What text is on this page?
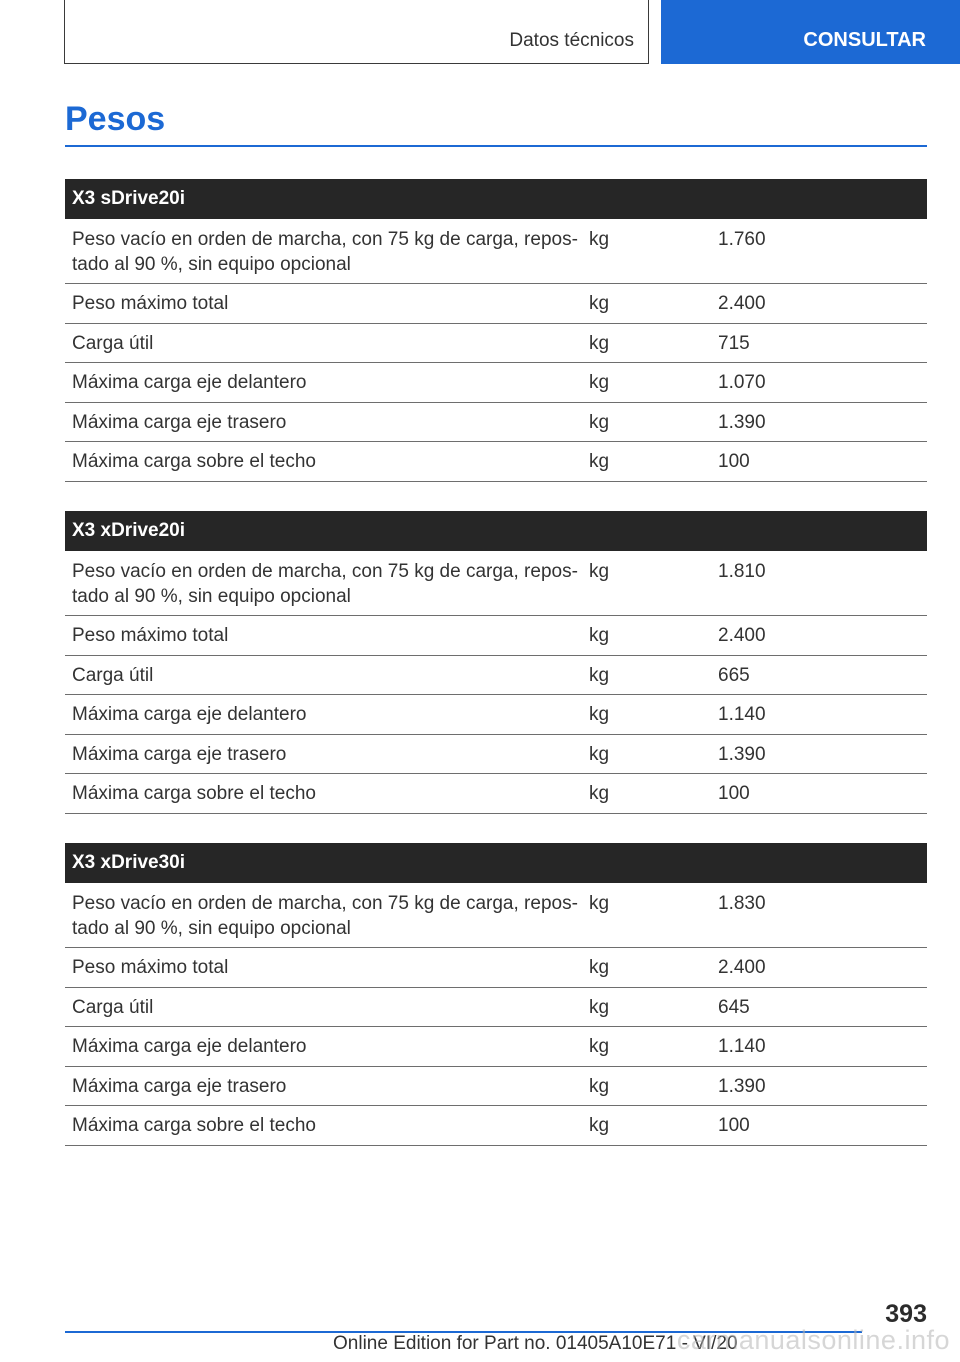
Datos técnicos	CONSULTAR
Pesos
X3 sDrive20i
Peso vacío en orden de marcha, con 75 kg de carga, repos-
tado al 90 %, sin equipo opcional
kg	1.760
Peso máximo total	kg	2.400
Carga útil	kg	715
Máxima carga eje delantero	kg	1.070
Máxima carga eje trasero	kg	1.390
Máxima carga sobre el techo	kg	100
X3 xDrive20i
Peso vacío en orden de marcha, con 75 kg de carga, repos-
tado al 90 %, sin equipo opcional
kg	1.810
Peso máximo total	kg	2.400
Carga útil	kg	665
Máxima carga eje delantero	kg	1.140
Máxima carga eje trasero	kg	1.390
Máxima carga sobre el techo	kg	100
X3 xDrive30i
Peso vacío en orden de marcha, con 75 kg de carga, repos-
tado al 90 %, sin equipo opcional
kg	1.830
Peso máximo total	kg	2.400
Carga útil	kg	645
Máxima carga eje delantero	kg	1.140
Máxima carga eje trasero	kg	1.390
Máxima carga sobre el techo	kg	100
393
Online Edition for Part no. 01405A10E71 - VI/20
carmanualsonline.info
